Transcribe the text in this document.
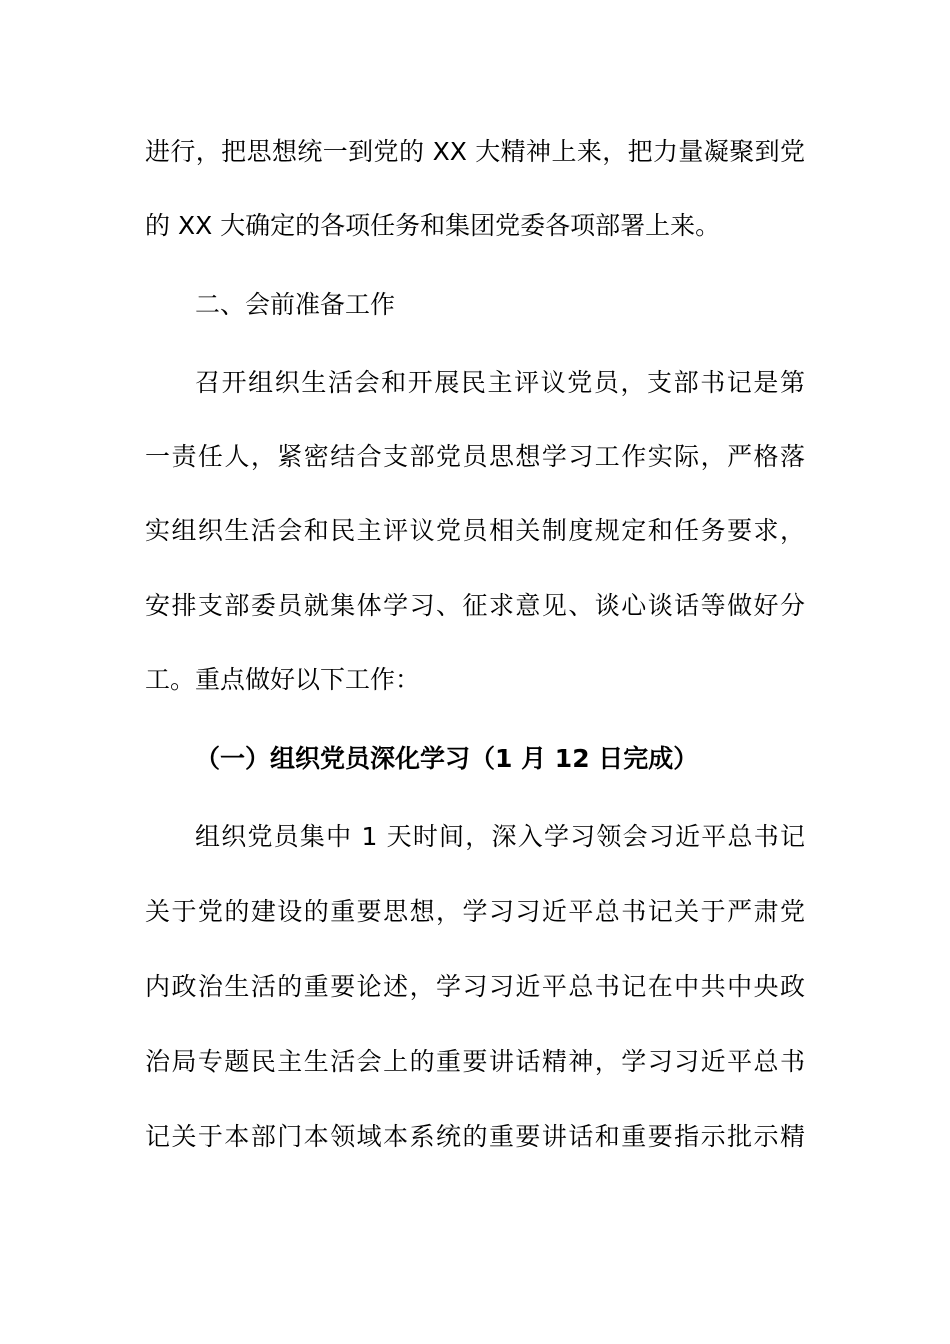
进行，把思想统一到党的 XX 大精神上来，把力量凝聚到党
的 XX 大确定的各项任务和集团党委各项部署上来。
二、会前准备工作
召开组织生活会和开展民主评议党员，支部书记是第
一责任人，紧密结合支部党员思想学习工作实际，严格落
实组织生活会和民主评议党员相关制度规定和任务要求，
安排支部委员就集体学习、征求意见、谈心谈话等做好分
工。重点做好以下工作：
（一）组织党员深化学习（1 月 12 日完成）
组织党员集中 1 天时间，深入学习领会习近平总书记
关于党的建设的重要思想，学习习近平总书记关于严肃党
内政治生活的重要论述，学习习近平总书记在中共中央政
治局专题民主生活会上的重要讲话精神，学习习近平总书
记关于本部门本领域本系统的重要讲话和重要指示批示精
